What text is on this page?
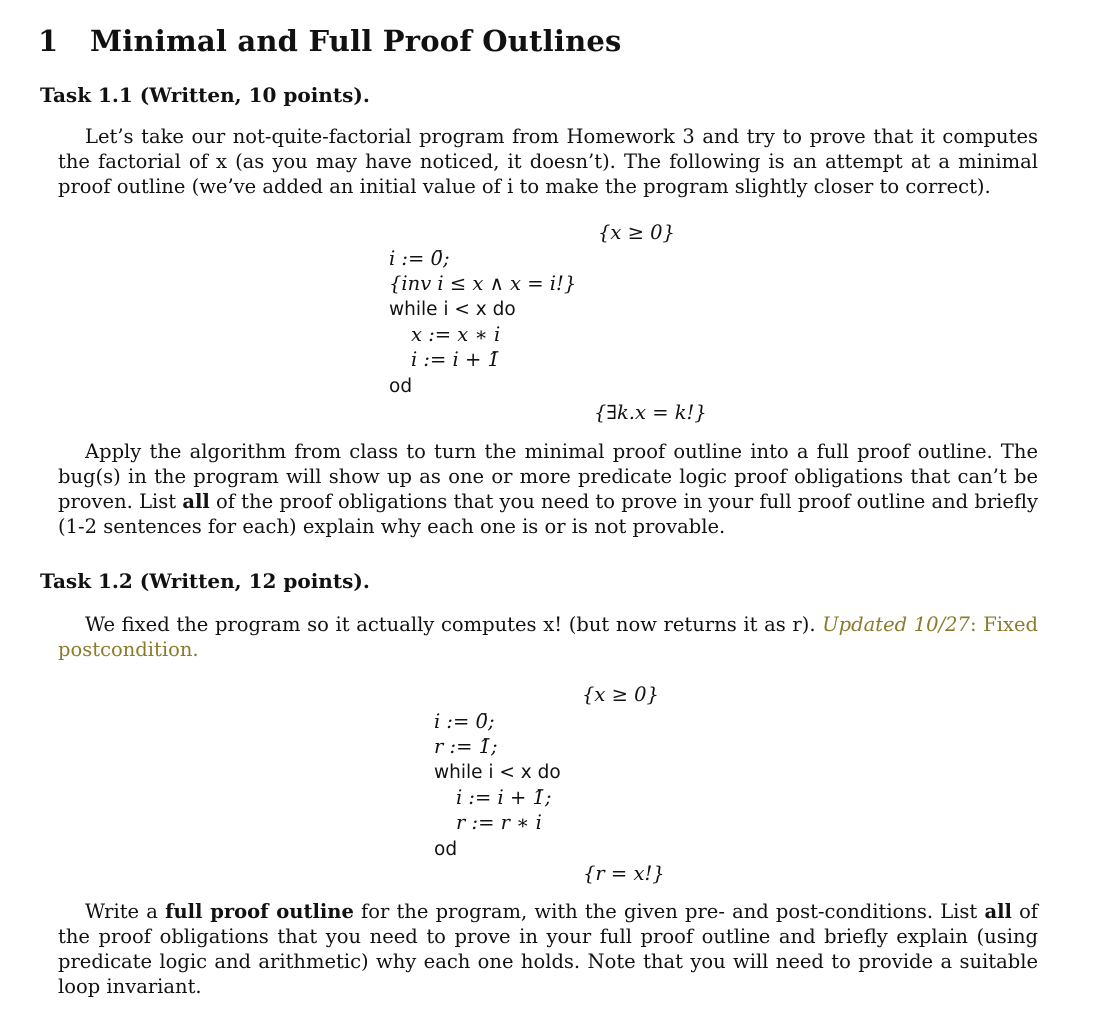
1 Minimal and Full Proof Outlines
Task 1.1 (Written, 10 points).
Let’s take our not-quite-factorial program from Homework 3 and try to prove that it computes the factorial of x (as you may have noticed, it doesn’t). The following is an attempt at a minimal proof outline (we’ve added an initial value of i to make the program slightly closer to correct).
{x ≥ 0}
i := 0̄;
{inv i ≤ x ∧ x = i!}
while i < x do
x := x ∗ i
i := i + 1̄
od
{∃k.x = k!}
Apply the algorithm from class to turn the minimal proof outline into a full proof outline. The bug(s) in the program will show up as one or more predicate logic proof obligations that can’t be proven. List all of the proof obligations that you need to prove in your full proof outline and briefly (1-2 sentences for each) explain why each one is or is not provable.
Task 1.2 (Written, 12 points).
We fixed the program so it actually computes x! (but now returns it as r). Updated 10/27: Fixed postcondition.
{x ≥ 0}
i := 0̄;
r := 1̄;
while i < x do
i := i + 1̄;
r := r ∗ i
od
{r = x!}
Write a full proof outline for the program, with the given pre- and post-conditions. List all of the proof obligations that you need to prove in your full proof outline and briefly explain (using predicate logic and arithmetic) why each one holds. Note that you will need to provide a suitable loop invariant.
